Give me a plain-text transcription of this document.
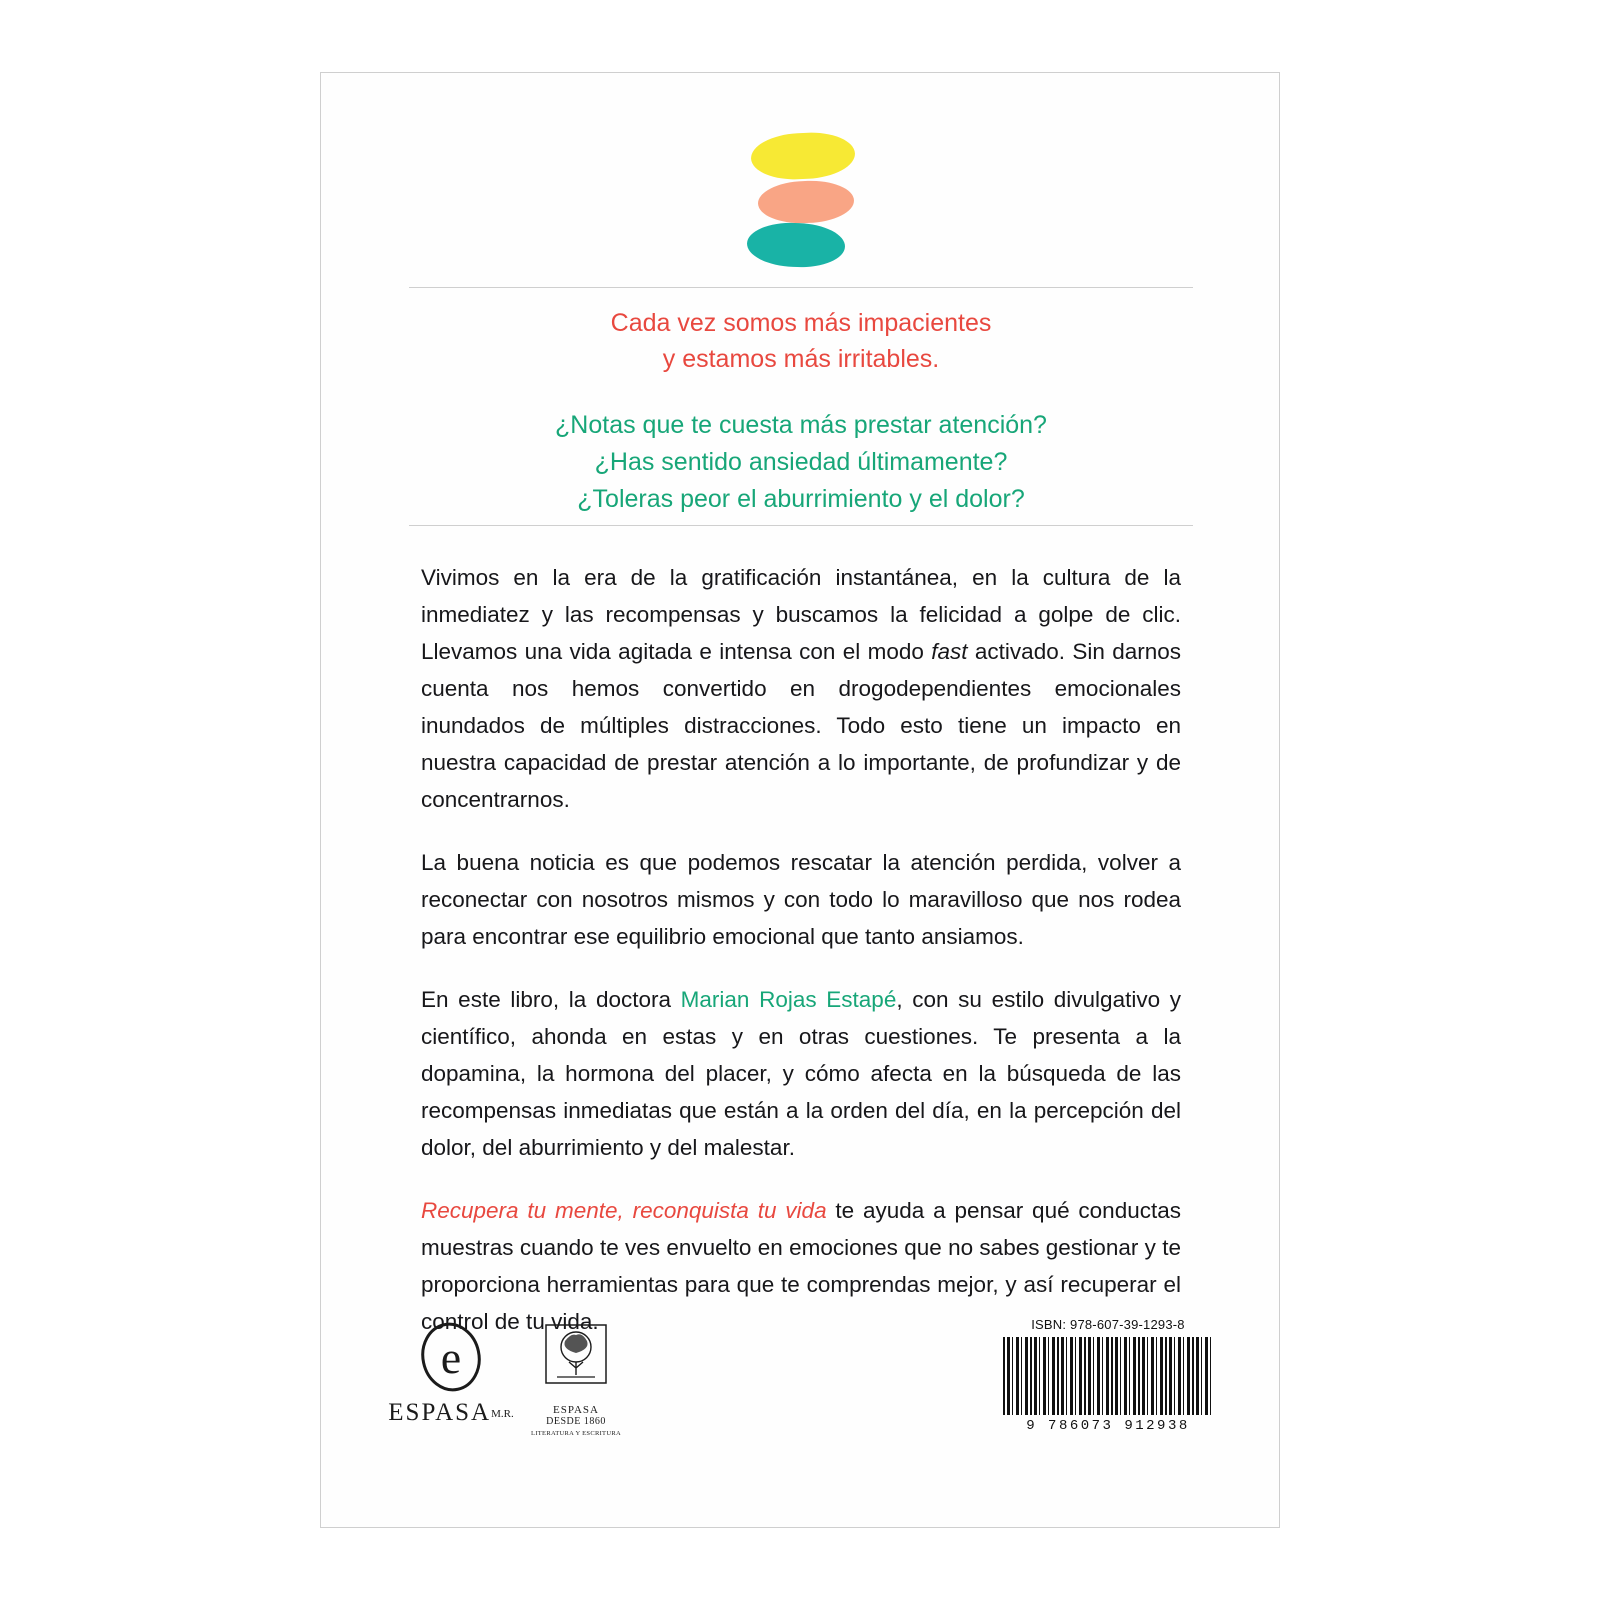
Cada vez somos más impacientes
y estamos más irritables.

¿Notas que te cuesta más prestar atención?
¿Has sentido ansiedad últimamente?
¿Toleras peor el aburrimiento y el dolor?

Vivimos en la era de la gratificación instantánea, en la cultura de la inmediatez y las recompensas y buscamos la felicidad a golpe de clic. Llevamos una vida agitada e intensa con el modo fast activado. Sin darnos cuenta nos hemos convertido en drogodependientes emocionales inundados de múltiples distracciones. Todo esto tiene un impacto en nuestra capacidad de prestar atención a lo importante, de profundizar y de concentrarnos.

La buena noticia es que podemos rescatar la atención perdida, volver a reconectar con nosotros mismos y con todo lo maravilloso que nos rodea para encontrar ese equilibrio emocional que tanto ansiamos.

En este libro, la doctora Marian Rojas Estapé, con su estilo divulgativo y científico, ahonda en estas y en otras cuestiones. Te presenta a la dopamina, la hormona del placer, y cómo afecta en la búsqueda de las recompensas inmediatas que están a la orden del día, en la percepción del dolor, del aburrimiento y del malestar.

Recupera tu mente, reconquista tu vida te ayuda a pensar qué conductas muestras cuando te ves envuelto en emociones que no sabes gestionar y te proporciona herramientas para que te comprendas mejor, y así recuperar el control de tu vida.

e
ESPASAM.R.	ESPASA
DESDE 1860
LITERATURA Y ESCRITURA
ISBN: 978-607-39-1293-8
9 786073 912938
